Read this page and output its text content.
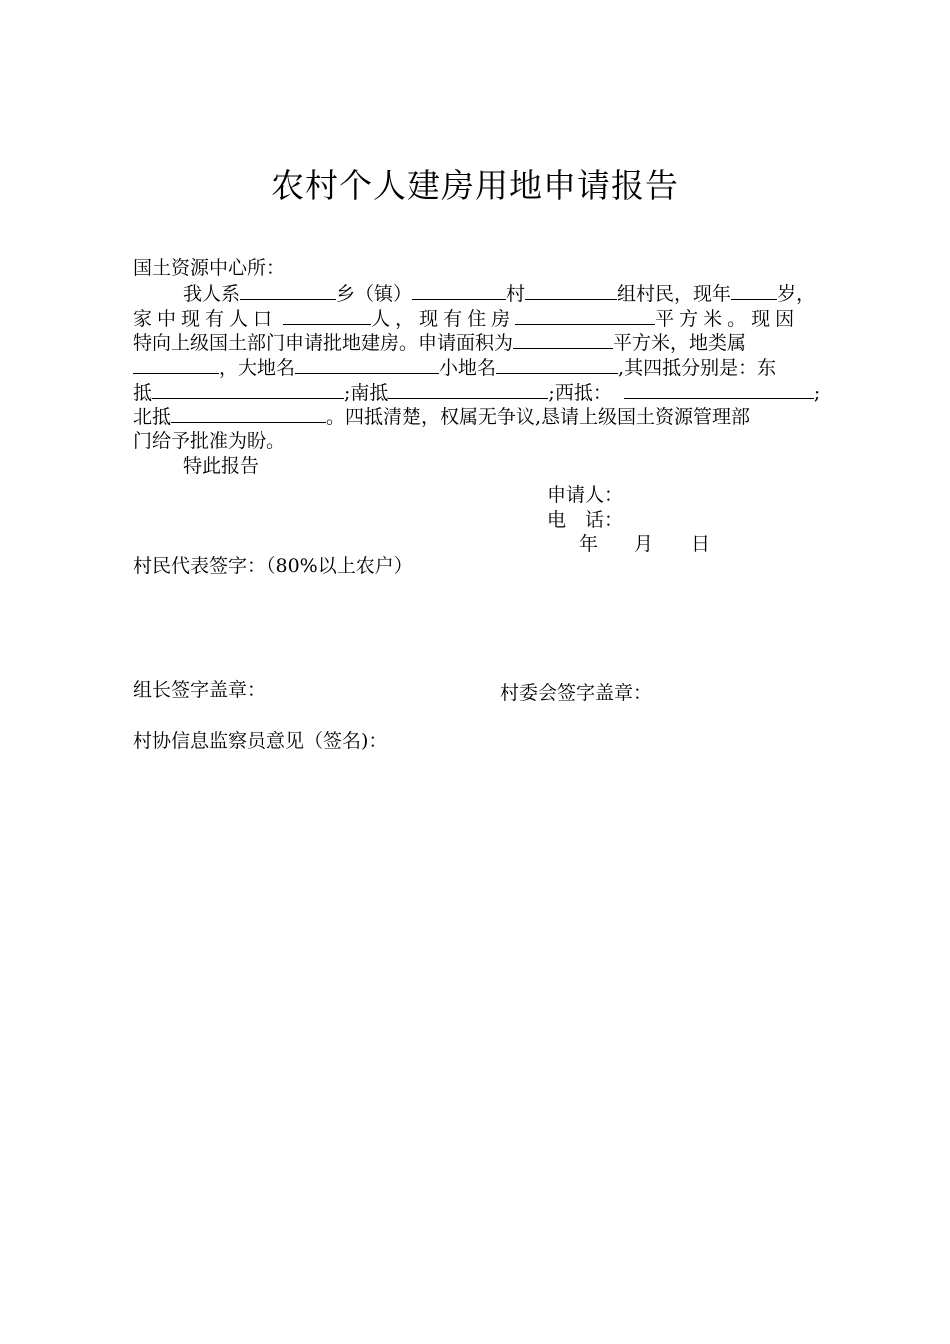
农村个人建房用地申请报告
国土资源中心所：
我人系	乡（镇）	村	组村民，现年 岁，
家中现有人口	人，现有住房	平方米。现因
特向上级国土部门申请批地建房。申请面积为	平方米，地类属
，大地名	小地名	,其四抵分别是：东
抵	;南抵	;西抵：	;
北抵	。四抵清楚，权属无争议,恳请上级国土资源管理部
门给予批准为盼。
特此报告
申请人：
电　话：
年 月 日
村民代表签字：（80%以上农户）
组长签字盖章：	村委会签字盖章：
村协信息监察员意见（签名)：
